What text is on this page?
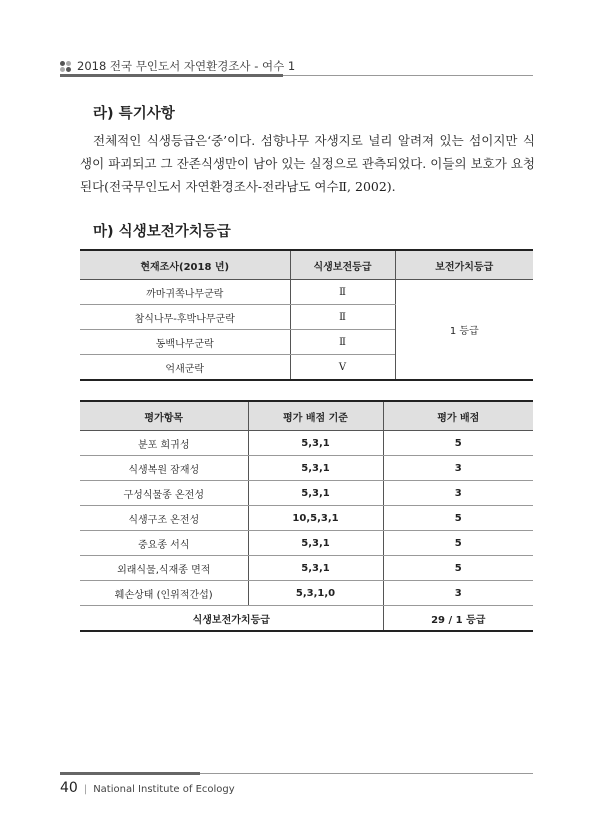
2018 전국 무인도서 자연환경조사 - 여수 1
라) 특기사항
전체적인 식생등급은‘중’이다. 섬향나무 자생지로 널리 알려져 있는 섬이지만 식생이 파괴되고 그 잔존식생만이 남아 있는 실정으로 관측되었다. 이들의 보호가 요청된다(전국무인도서 자연환경조사-전라남도 여수Ⅱ, 2002).
마) 식생보전가치등급
현재조사(2018 년)	식생보전등급	보전가치등급
까마귀쪽나무군락	Ⅱ	1 등급
참식나무-후박나무군락	Ⅱ	
동백나무군락	Ⅱ	
억새군락	Ⅴ	
평가항목	평가 배점 기준	평가 배점
분포 희귀성	5,3,1	5
식생복원 잠재성	5,3,1	3
구성식물종 온전성	5,3,1	3
식생구조 온전성	10,5,3,1	5
중요종 서식	5,3,1	5
외래식물,식재종 면적	5,3,1	5
훼손상태 (인위적간섭)	5,3,1,0	3
식생보전가치등급		29 / 1 등급
40 | National Institute of Ecology
